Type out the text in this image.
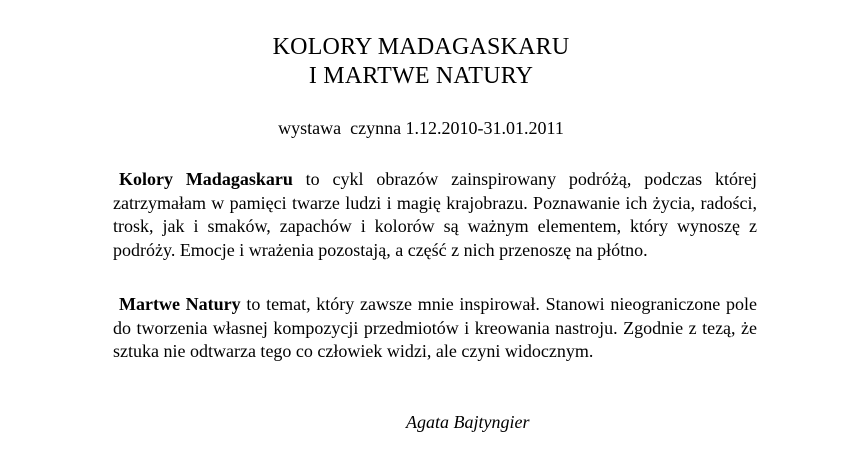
KOLORY MADAGASKARU
I MARTWE NATURY
wystawa  czynna 1.12.2010-31.01.2011

Kolory Madagaskaru to cykl obrazów zainspirowany podróżą, podczas której zatrzymałam w pamięci twarze ludzi i magię krajobrazu. Poznawanie ich życia, radości, trosk, jak i smaków, zapachów i kolorów są ważnym elementem, który wynoszę z podróży. Emocje i wrażenia pozostają, a część z nich przenoszę na płótno.

Martwe Natury to temat, który zawsze mnie inspirował. Stanowi nieograniczone pole do tworzenia własnej kompozycji przedmiotów i kreowania nastroju. Zgodnie z tezą, że sztuka nie odtwarza tego co człowiek widzi, ale czyni widocznym.

Agata Bajtyngier
